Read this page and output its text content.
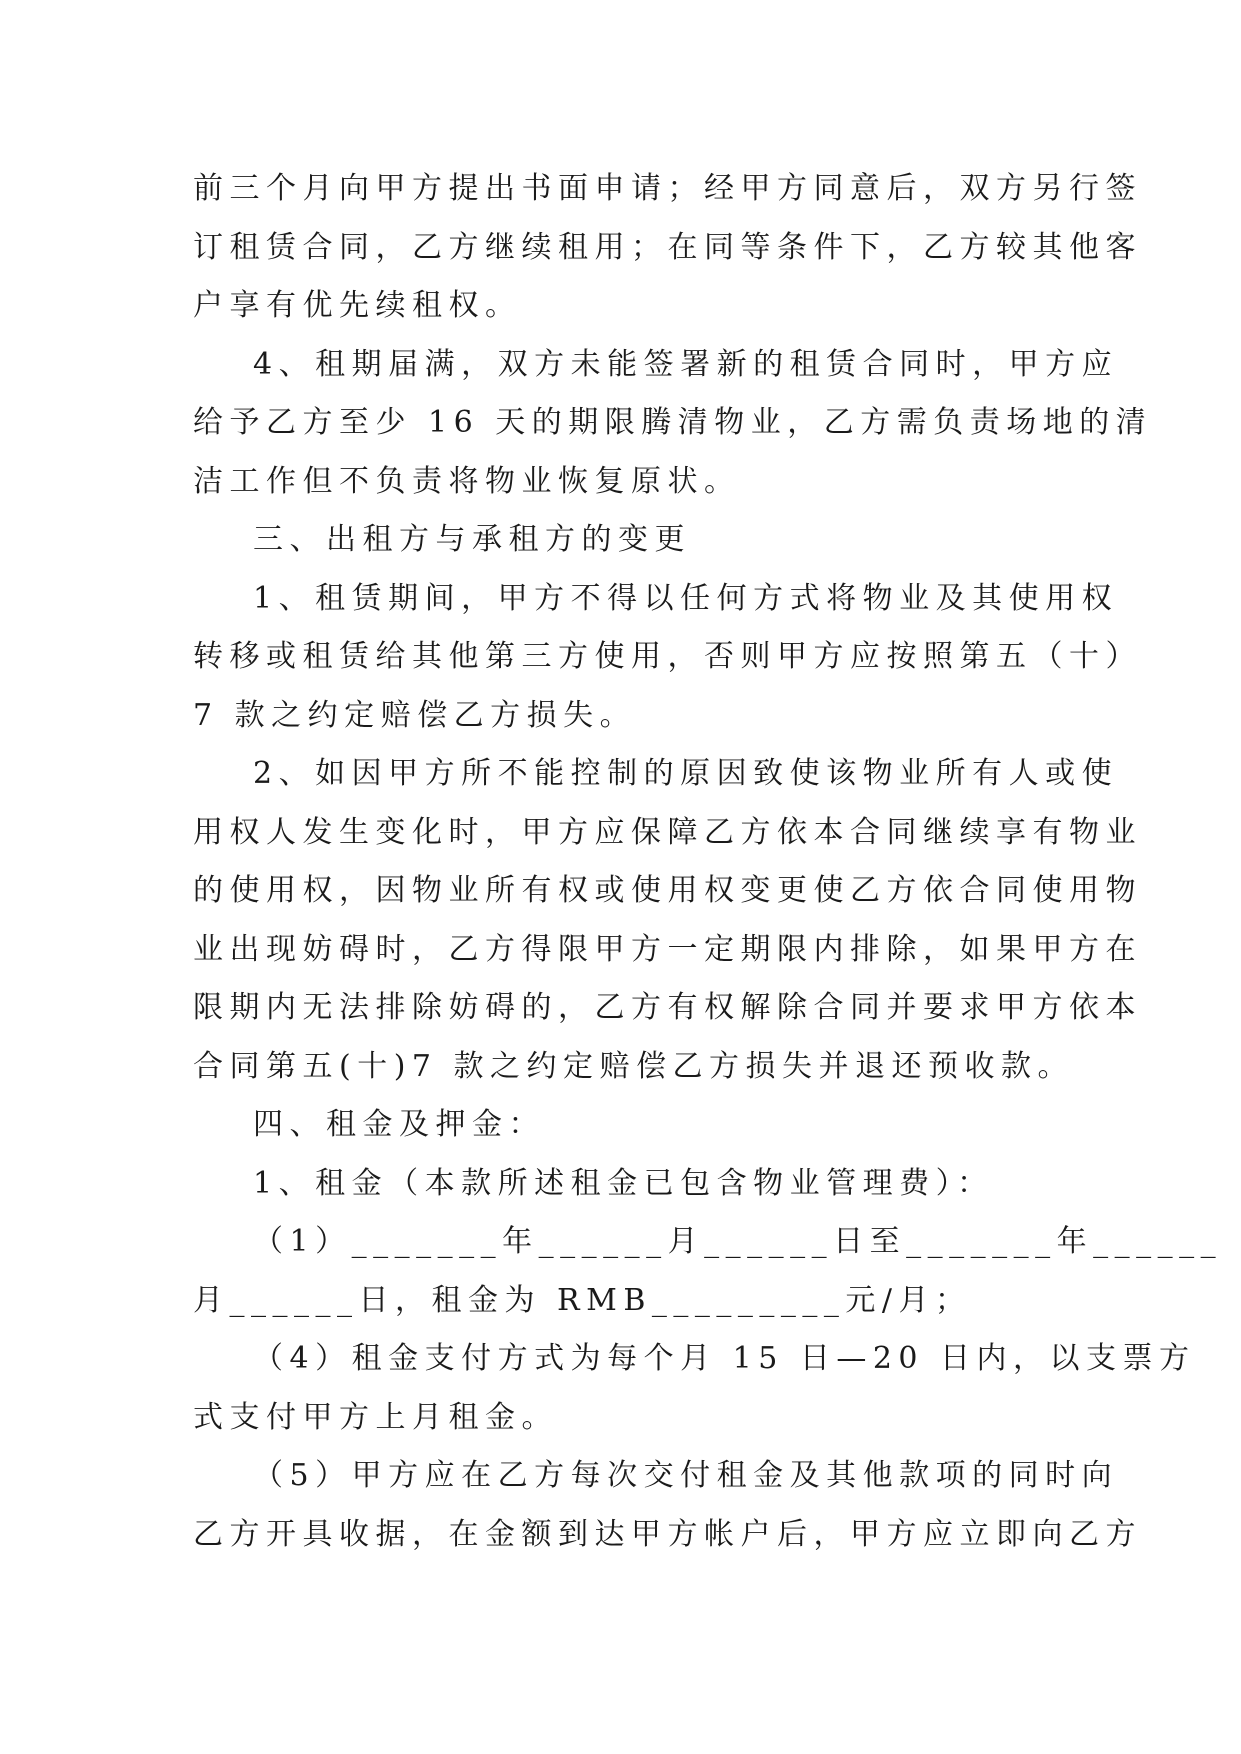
前三个月向甲方提出书面申请；经甲方同意后，双方另行签
订租赁合同，乙方继续租用；在同等条件下，乙方较其他客
户享有优先续租权。

4、租期届满，双方未能签署新的租赁合同时，甲方应
给予乙方至少 16 天的期限腾清物业，乙方需负责场地的清
洁工作但不负责将物业恢复原状。

三、出租方与承租方的变更

1、租赁期间，甲方不得以任何方式将物业及其使用权
转移或租赁给其他第三方使用，否则甲方应按照第五（十）
7 款之约定赔偿乙方损失。

2、如因甲方所不能控制的原因致使该物业所有人或使
用权人发生变化时，甲方应保障乙方依本合同继续享有物业
的使用权，因物业所有权或使用权变更使乙方依合同使用物
业出现妨碍时，乙方得限甲方一定期限内排除，如果甲方在
限期内无法排除妨碍的，乙方有权解除合同并要求甲方依本
合同第五(十)7 款之约定赔偿乙方损失并退还预收款。

四、租金及押金：

1、租金（本款所述租金已包含物业管理费）：

（1）_______年______月______日至_______年______
月______日，租金为 RMB_________元/月；

（4）租金支付方式为每个月 15 日—20 日内，以支票方
式支付甲方上月租金。

（5）甲方应在乙方每次交付租金及其他款项的同时向
乙方开具收据，在金额到达甲方帐户后，甲方应立即向乙方
